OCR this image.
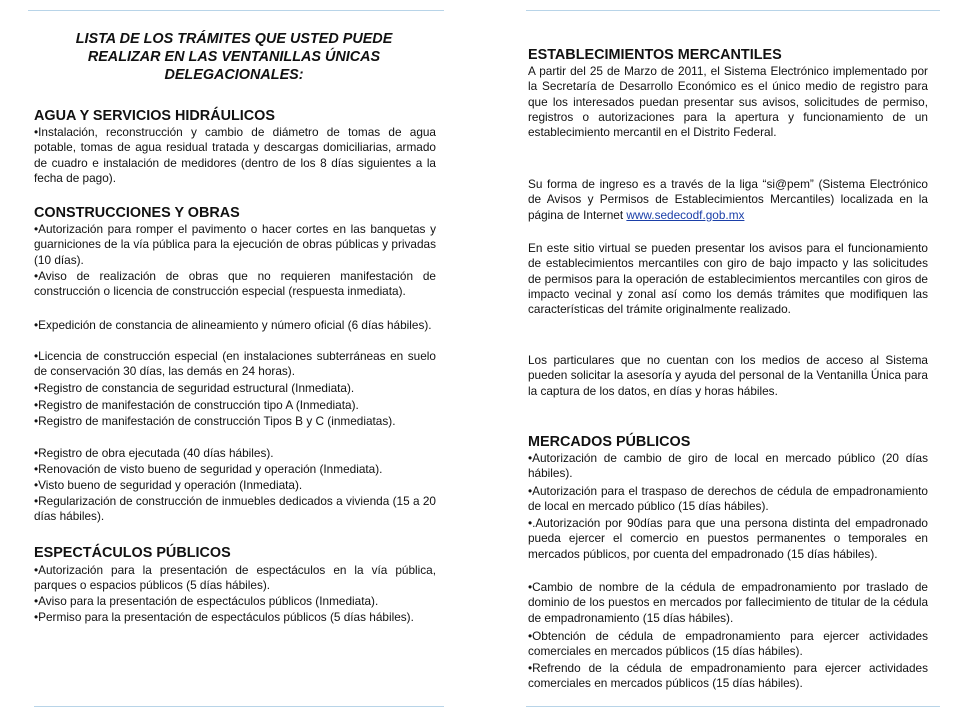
LISTA DE LOS TRÁMITES QUE USTED PUEDE REALIZAR EN LAS VENTANILLAS ÚNICAS DELEGACIONALES:
AGUA Y SERVICIOS HIDRÁULICOS
•Instalación, reconstrucción y cambio de diámetro de tomas de agua potable, tomas de agua residual tratada y descargas domiciliarias, armado de cuadro e instalación de medidores (dentro de los 8 días siguientes a la fecha de pago).
CONSTRUCCIONES Y OBRAS
•Autorización para romper el pavimento o hacer cortes en las banquetas y guarniciones de la vía pública para la ejecución de obras públicas y privadas (10 días).
•Aviso de realización de obras que no requieren manifestación de construcción o licencia de construcción especial (respuesta inmediata).
•Expedición de constancia de alineamiento y número oficial (6 días hábiles).
•Licencia de construcción especial (en instalaciones subterráneas en suelo de conservación 30 días, las demás en 24 horas).
•Registro de constancia de seguridad estructural (Inmediata).
•Registro de manifestación de construcción tipo A (Inmediata).
•Registro de manifestación de construcción Tipos B y C (inmediatas).
•Registro de obra ejecutada (40 días hábiles).
•Renovación de visto bueno de seguridad y operación (Inmediata).
•Visto bueno de seguridad y operación (Inmediata).
•Regularización de construcción de inmuebles dedicados a vivienda (15 a 20 días hábiles).
ESPECTÁCULOS PÚBLICOS
•Autorización para la presentación de espectáculos en la vía pública, parques o espacios públicos (5 días hábiles).
•Aviso para la presentación de espectáculos públicos (Inmediata).
•Permiso para la presentación de espectáculos públicos (5 días hábiles).
ESTABLECIMIENTOS MERCANTILES
A partir del 25 de Marzo de 2011, el Sistema Electrónico implementado por la Secretaría de Desarrollo Económico es el único medio de registro para que los interesados puedan presentar sus avisos, solicitudes de permiso, registros o autorizaciones para la apertura y funcionamiento de un establecimiento mercantil en el Distrito Federal.
Su forma de ingreso es a través de la liga “si@pem” (Sistema Electrónico de Avisos y Permisos de Establecimientos Mercantiles) localizada en la página de Internet www.sedecodf.gob.mx
En este sitio virtual se pueden presentar los avisos para el funcionamiento de establecimientos mercantiles con giro de bajo impacto y las solicitudes de permisos para la operación de establecimientos mercantiles con giros de impacto vecinal y zonal así como los demás trámites que modifiquen las características del trámite originalmente realizado.
Los particulares que no cuentan con los medios de acceso al Sistema pueden solicitar la asesoría y ayuda del personal de la Ventanilla Única para la captura de los datos, en días y horas hábiles.
MERCADOS PÚBLICOS
•Autorización de cambio de giro de local en mercado público (20 días hábiles).
•Autorización para el traspaso de derechos de cédula de empadronamiento de local en mercado público (15 días hábiles).
•.Autorización por 90días para que una persona distinta del empadronado pueda ejercer el comercio en puestos permanentes o temporales en mercados públicos, por cuenta del empadronado (15 días hábiles).
•Cambio de nombre de la cédula de empadronamiento por traslado de dominio de los puestos en mercados por fallecimiento de titular de la cédula de empadronamiento (15 días hábiles).
•Obtención de cédula de empadronamiento para ejercer actividades comerciales en mercados públicos (15 días hábiles).
•Refrendo de la cédula de empadronamiento para ejercer actividades comerciales en mercados públicos (15 días hábiles).
